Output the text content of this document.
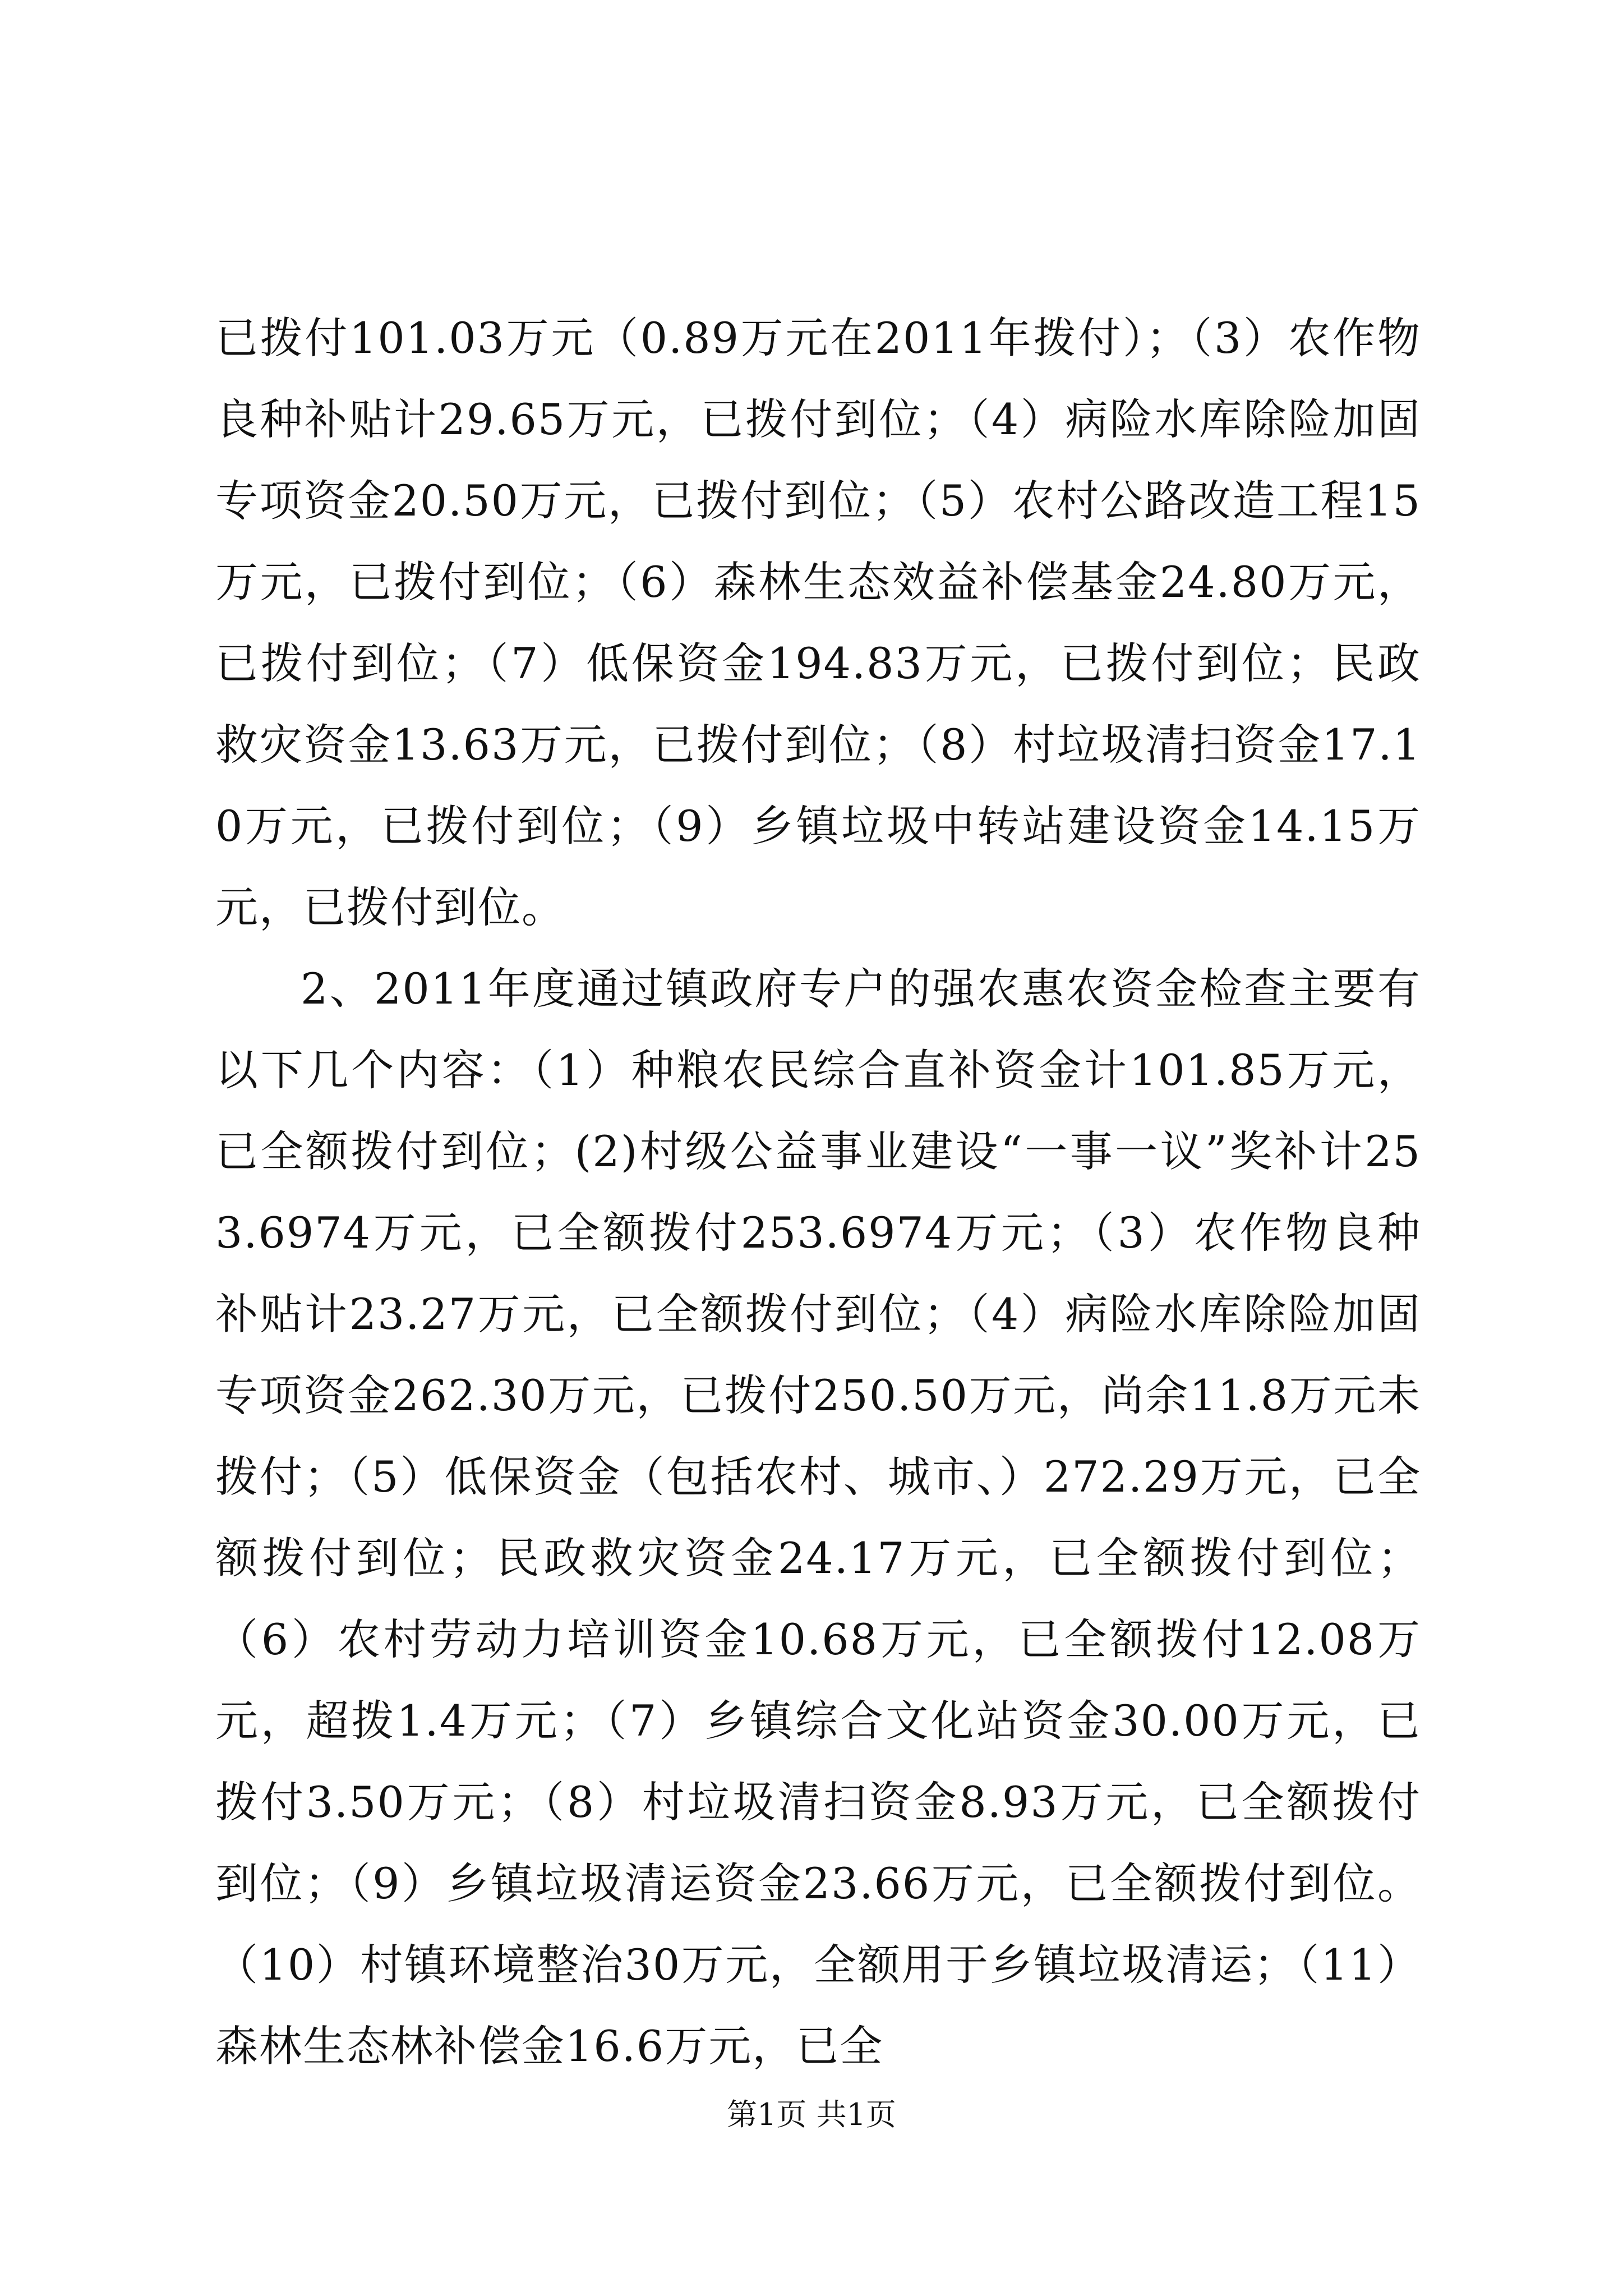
已拨付101.03万元（0.89万元在2011年拨付）；（3）农作物良种补贴计29.65万元，已拨付到位；（4）病险水库除险加固专项资金20.50万元，已拨付到位；（5）农村公路改造工程15万元，已拨付到位；（6）森林生态效益补偿基金24.80万元，已拨付到位；（7）低保资金194.83万元，已拨付到位；民政救灾资金13.63万元，已拨付到位；（8）村垃圾清扫资金17.10万元，已拨付到位；（9）乡镇垃圾中转站建设资金14.15万元，已拨付到位。

2、2011年度通过镇政府专户的强农惠农资金检查主要有以下几个内容：（1）种粮农民综合直补资金计101.85万元，已全额拨付到位；(2)村级公益事业建设“一事一议”奖补计253.6974万元，已全额拨付253.6974万元；（3）农作物良种补贴计23.27万元，已全额拨付到位；（4）病险水库除险加固专项资金262.30万元，已拨付250.50万元，尚余11.8万元未拨付；（5）低保资金（包括农村、城市、）272.29万元，已全额拨付到位；民政救灾资金24.17万元，已全额拨付到位；（6）农村劳动力培训资金10.68万元，已全额拨付12.08万元，超拨1.4万元；（7）乡镇综合文化站资金30.00万元，已拨付3.50万元；（8）村垃圾清扫资金8.93万元，已全额拨付到位；（9）乡镇垃圾清运资金23.66万元，已全额拨付到位。（10）村镇环境整治30万元，全额用于乡镇垃圾清运；（11）森林生态林补偿金16.6万元，已全

第1页 共1页
